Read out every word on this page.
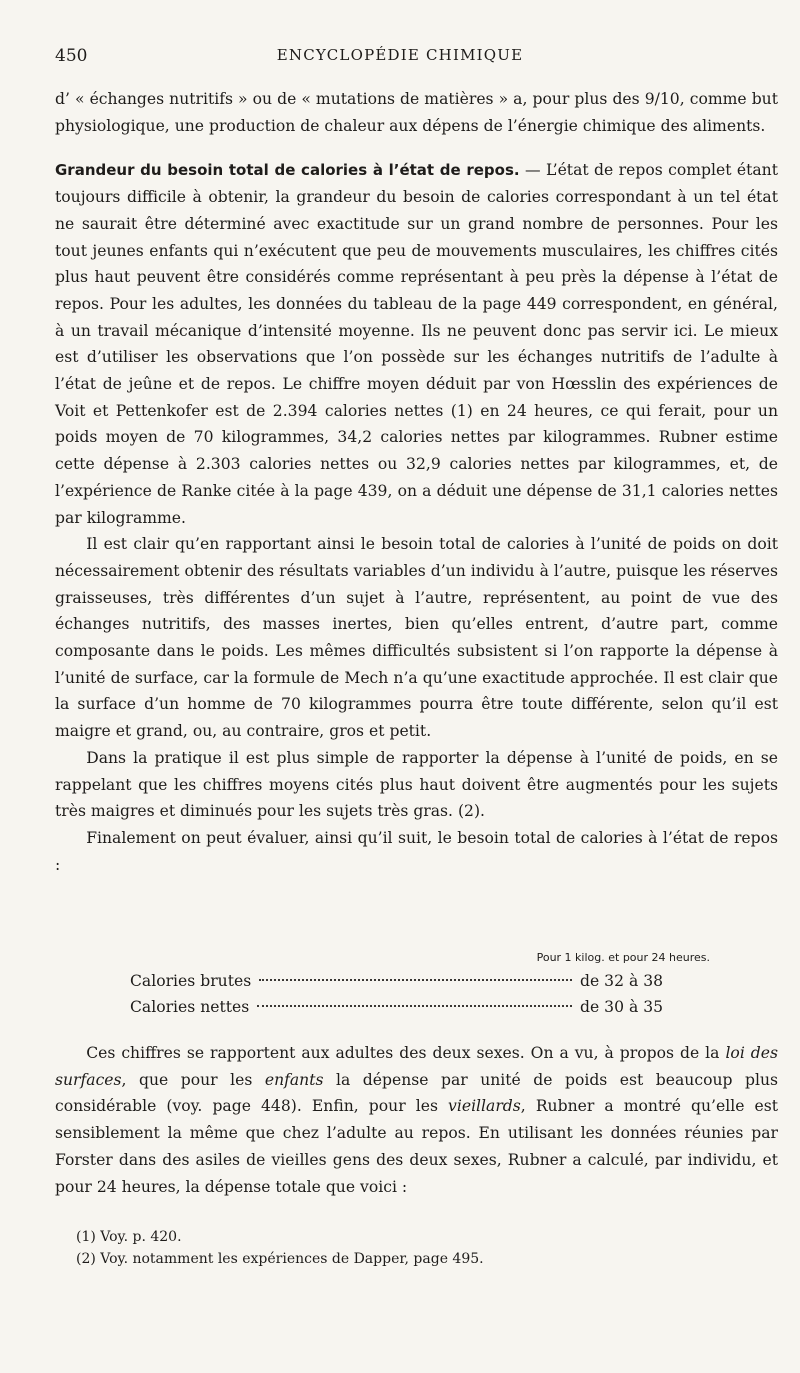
450	ENCYCLOPÉDIE CHIMIQUE

d’ « échanges nutritifs » ou de « mutations de matières » a, pour plus des 9/10, comme but physiologique, une production de chaleur aux dépens de l’énergie chimique des aliments.

Grandeur du besoin total de calories à l’état de repos. — L’état de repos complet étant toujours difficile à obtenir, la grandeur du besoin de calories correspondant à un tel état ne saurait être déterminé avec exactitude sur un grand nombre de personnes. Pour les tout jeunes enfants qui n’exécutent que peu de mouvements musculaires, les chiffres cités plus haut peuvent être considérés comme représentant à peu près la dépense à l’état de repos. Pour les adultes, les données du tableau de la page 449 correspondent, en général, à un travail mécanique d’intensité moyenne. Ils ne peuvent donc pas servir ici. Le mieux est d’utiliser les observations que l’on possède sur les échanges nutritifs de l’adulte à l’état de jeûne et de repos. Le chiffre moyen déduit par von Hœsslin des expériences de Voit et Pettenkofer est de 2.394 calories nettes (1) en 24 heures, ce qui ferait, pour un poids moyen de 70 kilogrammes, 34,2 calories nettes par kilogrammes. Rubner estime cette dépense à 2.303 calories nettes ou 32,9 calories nettes par kilogrammes, et, de l’expérience de Ranke citée à la page 439, on a déduit une dépense de 31,1 calories nettes par kilogramme.

Il est clair qu’en rapportant ainsi le besoin total de calories à l’unité de poids on doit nécessairement obtenir des résultats variables d’un individu à l’autre, puisque les réserves graisseuses, très différentes d’un sujet à l’autre, représentent, au point de vue des échanges nutritifs, des masses inertes, bien qu’elles entrent, d’autre part, comme composante dans le poids. Les mêmes difficultés subsistent si l’on rapporte la dépense à l’unité de surface, car la formule de Mech n’a qu’une exactitude approchée. Il est clair que la surface d’un homme de 70 kilogrammes pourra être toute différente, selon qu’il est maigre et grand, ou, au contraire, gros et petit.

Dans la pratique il est plus simple de rapporter la dépense à l’unité de poids, en se rappelant que les chiffres moyens cités plus haut doivent être augmentés pour les sujets très maigres et diminués pour les sujets très gras. (2).

Finalement on peut évaluer, ainsi qu’il suit, le besoin total de calories à l’état de repos :

Pour 1 kilog. et pour 24 heures.
Calories brutes	de 32 à 38
Calories nettes	de 30 à 35

Ces chiffres se rapportent aux adultes des deux sexes. On a vu, à propos de la loi des surfaces, que pour les enfants la dépense par unité de poids est beaucoup plus considérable (voy. page 448). Enfin, pour les vieillards, Rubner a montré qu’elle est sensiblement la même que chez l’adulte au repos. En utilisant les données réunies par Forster dans des asiles de vieilles gens des deux sexes, Rubner a calculé, par individu, et pour 24 heures, la dépense totale que voici :

(1) Voy. p. 420.

(2) Voy. notamment les expériences de Dapper, page 495.
